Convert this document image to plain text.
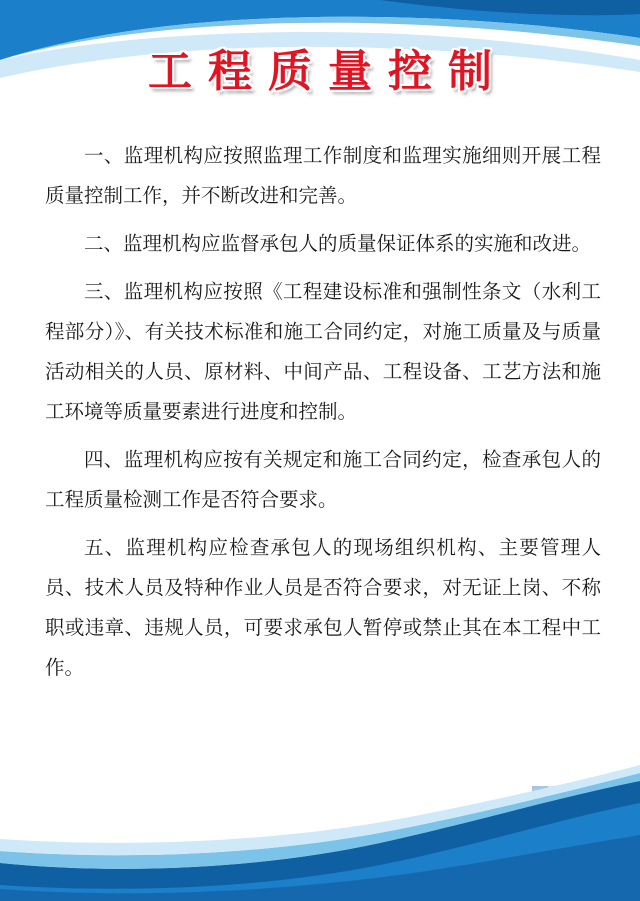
工程质量控制

一、监理机构应按照监理工作制度和监理实施细则开展工程质量控制工作，并不断改进和完善。

二、监理机构应监督承包人的质量保证体系的实施和改进。

三、监理机构应按照《工程建设标准和强制性条文（水利工程部分）》、有关技术标准和施工合同约定，对施工质量及与质量活动相关的人员、原材料、中间产品、工程设备、工艺方法和施工环境等质量要素进行进度和控制。

四、监理机构应按有关规定和施工合同约定，检查承包人的工程质量检测工作是否符合要求。

五、监理机构应检查承包人的现场组织机构、主要管理人员、技术人员及特种作业人员是否符合要求，对无证上岗、不称职或违章、违规人员，可要求承包人暂停或禁止其在本工程中工作。
